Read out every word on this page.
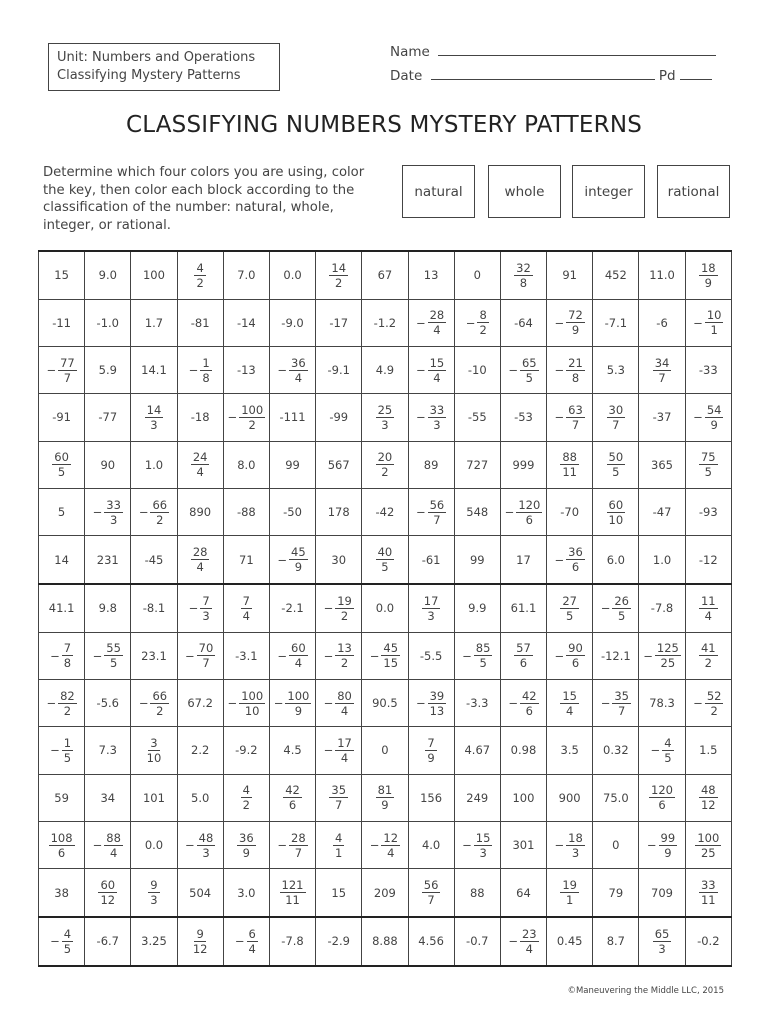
Unit: Numbers and Operations
Classifying Mystery Patterns
Name
Date	Pd
CLASSIFYING NUMBERS MYSTERY PATTERNS
Determine which four colors you are using, color the key, then color each block according to the classification of the number: natural, whole, integer, or rational.
natural	whole	integer	rational
15	9.0	100	$\frac{4}{2}$	7.0	0.0	$\frac{14}{2}$	67	13	0	$\frac{32}{8}$	91	452	11.0	$\frac{18}{9}$

-11	-1.0	1.7	-81	-14	-9.0	-17	-1.2	− $\frac{28}{4}$	− $\frac{8}{2}$	-64	− $\frac{72}{9}$	-7.1	-6	− $\frac{10}{1}$

− $\frac{77}{7}$	5.9	14.1	− $\frac{1}{8}$	-13	− $\frac{36}{4}$	-9.1	4.9	− $\frac{15}{4}$	-10	− $\frac{65}{5}$	− $\frac{21}{8}$	5.3	$\frac{34}{7}$	-33
-91	-77	$\frac{14}{3}$	-18	− $\frac{100}{2}$	-111	-99	$\frac{25}{3}$	− $\frac{33}{3}$	-55	-53	− $\frac{63}{7}$	$\frac{30}{7}$	-37	− $\frac{54}{9}$

$\frac{60}{5}$	90	1.0	$\frac{24}{4}$	8.0	99	567	$\frac{20}{2}$	89	727	999	$\frac{88}{11}$	$\frac{50}{5}$	365	$\frac{75}{5}$

5	− $\frac{33}{3}$	− $\frac{66}{2}$	890	-88	-50	178	-42	− $\frac{56}{7}$	548	− $\frac{120}{6}$	-70	$\frac{60}{10}$	-47	-93
14	231	-45	$\frac{28}{4}$	71	− $\frac{45}{9}$	30	$\frac{40}{5}$	-61	99	17	− $\frac{36}{6}$	6.0	1.0	-12
41.1	9.8	-8.1	− $\frac{7}{3}$	$\frac{7}{4}$	-2.1	− $\frac{19}{2}$	0.0	$\frac{17}{3}$	9.9	61.1	$\frac{27}{5}$	− $\frac{26}{5}$	-7.8	$\frac{11}{4}$

− $\frac{7}{8}$	− $\frac{55}{5}$	23.1	− $\frac{70}{7}$	-3.1	− $\frac{60}{4}$	− $\frac{13}{2}$	− $\frac{45}{15}$	-5.5	− $\frac{85}{5}$	$\frac{57}{6}$	− $\frac{90}{6}$	-12.1	− $\frac{125}{25}$	$\frac{41}{2}$

− $\frac{82}{2}$	-5.6	− $\frac{66}{2}$	67.2	− $\frac{100}{10}$	− $\frac{100}{9}$	− $\frac{80}{4}$	90.5	− $\frac{39}{13}$	-3.3	− $\frac{42}{6}$	$\frac{15}{4}$	− $\frac{35}{7}$	78.3	− $\frac{52}{2}$

− $\frac{1}{5}$	7.3	$\frac{3}{10}$	2.2	-9.2	4.5	− $\frac{17}{4}$	0	$\frac{7}{9}$	4.67	0.98	3.5	0.32	− $\frac{4}{5}$	1.5
59	34	101	5.0	$\frac{4}{2}$	$\frac{42}{6}$	$\frac{35}{7}$	$\frac{81}{9}$	156	249	100	900	75.0	$\frac{120}{6}$	$\frac{48}{12}$

$\frac{108}{6}$	− $\frac{88}{4}$	0.0	− $\frac{48}{3}$	$\frac{36}{9}$	− $\frac{28}{7}$	$\frac{4}{1}$	− $\frac{12}{4}$	4.0	− $\frac{15}{3}$	301	− $\frac{18}{3}$	0	− $\frac{99}{9}$	$\frac{100}{25}$

38	$\frac{60}{12}$	$\frac{9}{3}$	504	3.0	$\frac{121}{11}$	15	209	$\frac{56}{7}$	88	64	$\frac{19}{1}$	79	709	$\frac{33}{11}$

− $\frac{4}{5}$	-6.7	3.25	$\frac{9}{12}$	− $\frac{6}{4}$	-7.8	-2.9	8.88	4.56	-0.7	− $\frac{23}{4}$	0.45	8.7	$\frac{65}{3}$	-0.2
©Maneuvering the Middle LLC, 2015
